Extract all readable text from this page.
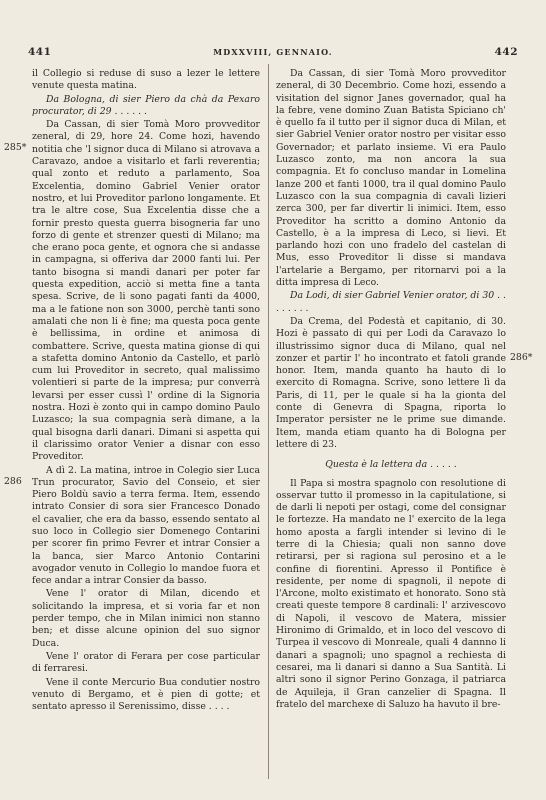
441	MDXXVIII, GENNAIO.	442
285*
286
286*

il Collegio si reduse di suso a lezer le lettere venute questa matina.

Da Bologna, di sier Piero da chà da Pexaro procurator, di 29 . . . . . .

Da Cassan, di sier Tomà Moro provveditor zeneral, di 29, hore 24. Come hozi, havendo notitia che 'l signor duca di Milano si atrovava a Caravazo, andoe a visitarlo et farli reverentia; qual zonto et reduto a parlamento, Soa Excelentia, domino Gabriel Venier orator nostro, et lui Proveditor parlono longamente. Et tra le altre cose, Sua Excelentia disse che a fornir presto questa guerra bisogneria far uno forzo di gente et strenzer questi di Milano; ma che erano poca gente, et ognora che si andasse in campagna, si offeriva dar 2000 fanti lui. Per tanto bisogna si mandi danari per poter far questa expedition, acciò si metta fine a tanta spesa. Scrive, de li sono pagati fanti da 4000, ma a le fatione non son 3000, perchè tanti sono amalati che non li è fine; ma questa poca gente è bellissima, in ordine et animosa di combattere. Scrive, questa matina gionse di qui a stafetta domino Antonio da Castello, et parlò cum lui Proveditor in secreto, qual malissimo volentieri si parte de la impresa; pur converrà levarsi per esser cussì l' ordine di la Signoria nostra. Hozi è zonto qui in campo domino Paulo Luzasco; la sua compagnia serà dimane, a la qual bisogna darli danari. Dimani si aspetta qui il clarissimo orator Venier a disnar con esso Proveditor.

A dì 2. La matina, introe in Colegio sier Luca Trun procurator, Savio del Conseio, et sier Piero Boldù savio a terra ferma. Item, essendo intrato Consier di sora sier Francesco Donado el cavalier, che era da basso, essendo sentato al suo loco in Collegio sier Domenego Contarini per scorer fin primo Fevrer et intrar Consier a la banca, sier Marco Antonio Contarini avogador venuto in Collegio lo mandoe fuora et fece andar a intrar Consier da basso.

Vene l' orator di Milan, dicendo et solicitando la impresa, et si voria far et non perder tempo, che in Milan inimici non stanno ben; et disse alcune opinion del suo signor Duca.

Vene l' orator di Ferara per cose particular di ferraresi.

Vene il conte Mercurio Bua condutier nostro venuto di Bergamo, et è pien di gotte; et sentato apresso il Serenissimo, disse . . . .

Da Cassan, di sier Tomà Moro provveditor zeneral, di 30 Decembrio. Come hozi, essendo a visitation del signor Janes governador, qual ha la febre, vene domino Zuan Batista Spiciano ch' è quello fa il tutto per il signor duca di Milan, et sier Gabriel Venier orator nostro per visitar esso Governador; et parlato insieme. Vi era Paulo Luzasco zonto, ma non ancora la sua compagnia. Et fo concluso mandar in Lomelina lanze 200 et fanti 1000, tra il qual domino Paulo Luzasco con la sua compagnia di cavali lizieri zerca 300, per far divertir li inimici. Item, esso Proveditor ha scritto a domino Antonio da Castello, è a la impresa di Leco, si lievi. Et parlando hozi con uno fradelo del castelan di Mus, esso Proveditor li disse si mandava l'artelarie a Bergamo, per ritornarvi poi a la ditta impresa di Leco.

Da Lodi, di sier Gabriel Venier orator, di 30 . . . . . . . .

Da Crema, del Podestà et capitanio, di 30. Hozi è passato di qui per Lodi da Caravazo lo illustrissimo signor duca di Milano, qual nel zonzer et partir l' ho incontrato et fatoli grande honor. Item, manda quanto ha hauto di lo exercito di Romagna. Scrive, sono lettere lì da Paris, di 11, per le quale si ha la gionta del conte di Genevra di Spagna, riporta lo Imperator persister ne le prime sue dimande. Item, manda etiam quanto ha di Bologna per lettere di 23.

Questa è la lettera da . . . . .

Il Papa si mostra spagnolo con resolutione di osservar tutto il promesso in la capitulatione, si de darli li nepoti per ostagi, come del consignar le fortezze. Ha mandato ne l' exercito de la lega homo aposta a fargli intender si levino di le terre di la Chiesia; quali non sanno dove retirarsi, per si ragiona sul perosino et a le confine di fiorentini. Apresso il Pontifice è residente, per nome di spagnoli, il nepote di l'Arcone, molto existimato et honorato. Sono stà creati queste tempore 8 cardinali: l' arzivescovo di Napoli, il vescovo de Matera, missier Hironimo di Grimaldo, et in loco del vescovo di Turpea il vescovo di Monreale, quali 4 dannno li danari a spagnoli; uno spagnol a rechiesta di cesarei, ma li danari si danno a Sua Santità. Li altri sono il signor Perino Gonzaga, il patriarca de Aquileja, il Gran canzelier di Spagna. Il fratelo del marchexe di Saluzo ha havuto il bre-
